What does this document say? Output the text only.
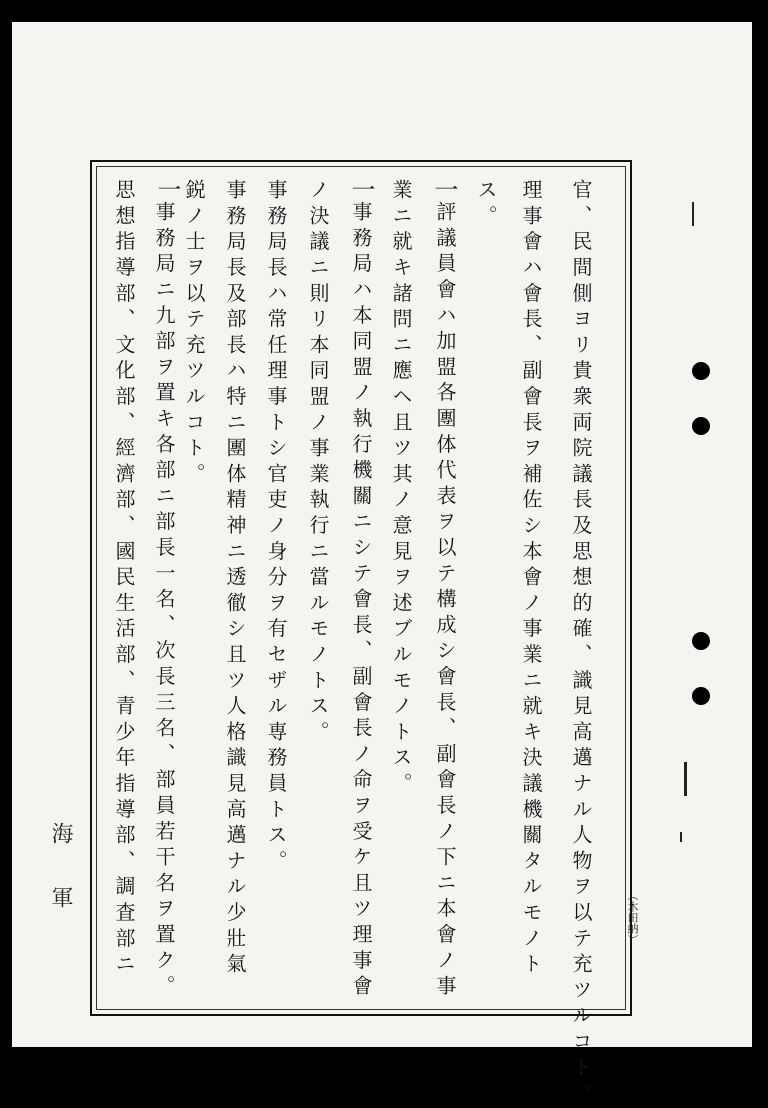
官、民間側ヨリ貴衆両院議長及思想的確、識見高邁ナル人物ヲ以テ充ツルコト。
理事會ハ會長、副會長ヲ補佐シ本會ノ事業ニ就キ決議機關タルモノト
ス。
一
評議員會ハ加盟各團体代表ヲ以テ構成シ會長、副會長ノ下ニ本會ノ事
業ニ就キ諸問ニ應ヘ且ツ其ノ意見ヲ述ブルモノトス。
一
事務局ハ本同盟ノ執行機關ニシテ會長、副會長ノ命ヲ受ケ且ツ理事會
ノ決議ニ則リ本同盟ノ事業執行ニ當ルモノトス。
事務局長ハ常任理事トシ官吏ノ身分ヲ有セザル専務員トス。
事務局長及部長ハ特ニ團体精神ニ透徹シ且ツ人格識見高邁ナル少壯氣
鋭ノ士ヲ以テ充ツルコト。
一
事務局ニ九部ヲ置キ各部ニ部長一名、次長三名、部員若干名ヲ置ク。
思想指導部、文化部、經濟部、國民生活部、青少年指導部、調査部ニ
海軍	（木田納）
